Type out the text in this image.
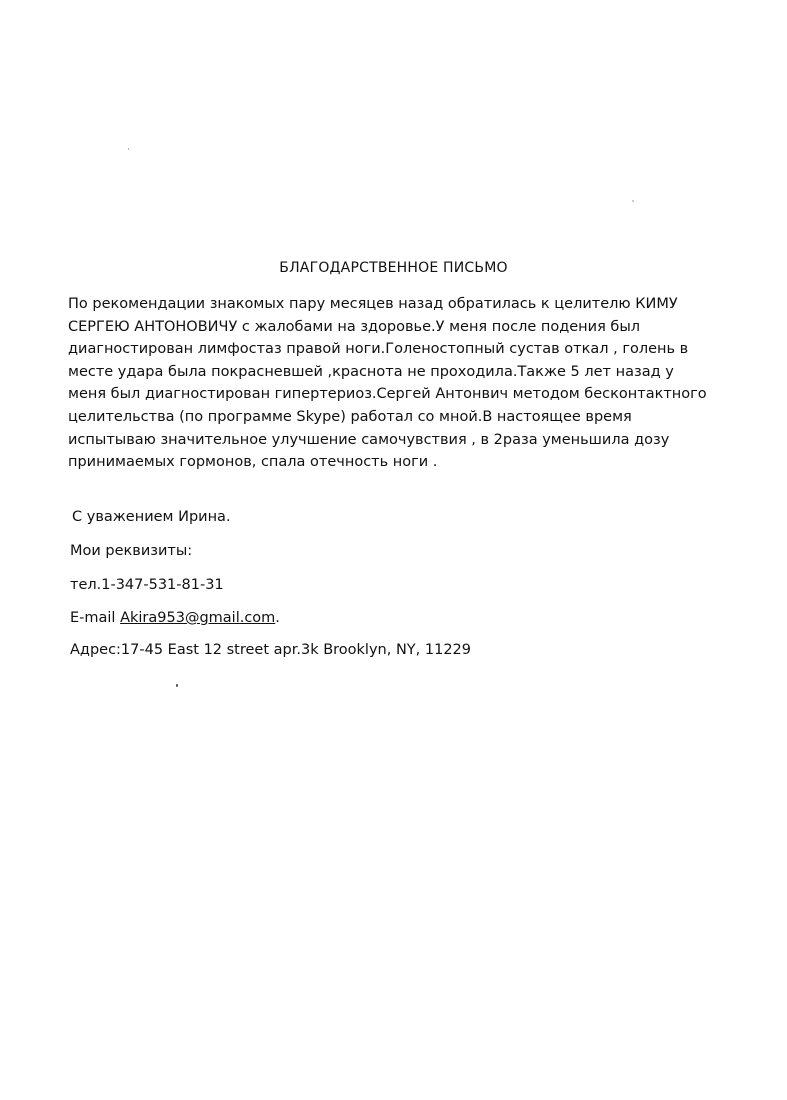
БЛАГОДАРСТВЕННОЕ ПИСЬМО
По рекомендации знакомых пару месяцев назад обратилась к целителю КИМУ
СЕРГЕЮ АНТОНОВИЧУ с жалобами на здоровье.У меня после подения был
диагностирован лимфостаз правой ноги.Голеностопный сустав откал , голень в
месте удара была покрасневшей ,краснота не проходила.Также 5 лет назад у
меня был диагностирован гипертериоз.Сергей Антонвич методом бесконтактного
целительства (по программе Skype) работал со мной.В настоящее время
испытываю значительное улучшение самочувствия , в 2раза уменьшила дозу
принимаемых гормонов, спала отечность ноги .
С уважением Ирина.
Мои реквизиты:
тел.1-347-531-81-31
E-mail Akira953@gmail.com.
Адрес:17-45 East 12 street apr.3k Brooklyn, NY, 11229
